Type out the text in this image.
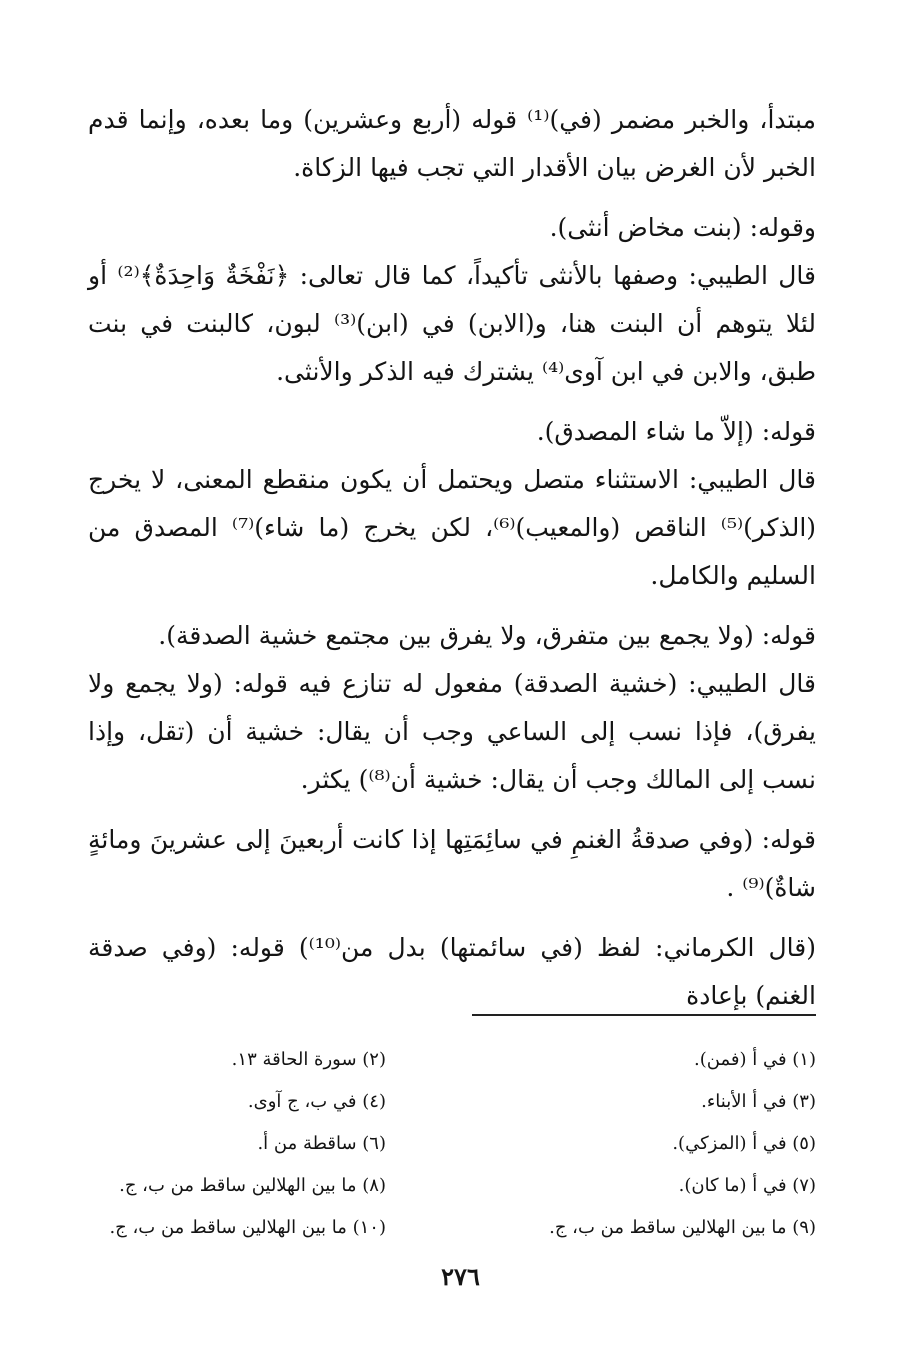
مبتدأ، والخبر مضمر (في)⁽¹⁾ قوله (أربع وعشرين) وما بعده، وإنما قدم الخبر لأن الغرض بيان الأقدار التي تجب فيها الزكاة.

وقوله: (بنت مخاض أنثى).

قال الطيبي: وصفها بالأنثى تأكيداً، كما قال تعالى: ﴿نَفْخَةٌ وَاحِدَةٌ﴾⁽²⁾ أو لئلا يتوهم أن البنت هنا، و(الابن) في (ابن)⁽³⁾ لبون، كالبنت في بنت طبق، والابن في ابن آوى⁽⁴⁾ يشترك فيه الذكر والأنثى.

قوله: (إلاّ ما شاء المصدق).

قال الطيبي: الاستثناء متصل ويحتمل أن يكون منقطع المعنى، لا يخرج (الذكر)⁽⁵⁾ الناقص (والمعيب)⁽⁶⁾، لكن يخرج (ما شاء)⁽⁷⁾ المصدق من السليم والكامل.

قوله: (ولا يجمع بين متفرق، ولا يفرق بين مجتمع خشية الصدقة).

قال الطيبي: (خشية الصدقة) مفعول له تنازع فيه قوله: (ولا يجمع ولا يفرق)، فإذا نسب إلى الساعي وجب أن يقال: خشية أن (تقل، وإذا نسب إلى المالك وجب أن يقال: خشية أن⁽⁸⁾) يكثر.

قوله: (وفي صدقةُ الغنمِ في سائِمَتِها إذا كانت أربعينَ إلى عشرينَ ومائةٍ شاةٌ)⁽⁹⁾ .

(قال الكرماني: لفظ (في سائمتها) بدل من⁽¹⁰⁾) قوله: (وفي صدقة الغنم) بإعادة

(١) في أ (فمن).
(٢) سورة الحاقة ١٣.
(٣) في أ الأبناء.
(٤) في ب، ج آوى.
(٥) في أ (المزكي).
(٦) ساقطة من أ.
(٧) في أ (ما كان).
(٨) ما بين الهلالين ساقط من ب، ج.
(٩) ما بين الهلالين ساقط من ب، ج.
(١٠) ما بين الهلالين ساقط من ب، ج.
٢٧٦
